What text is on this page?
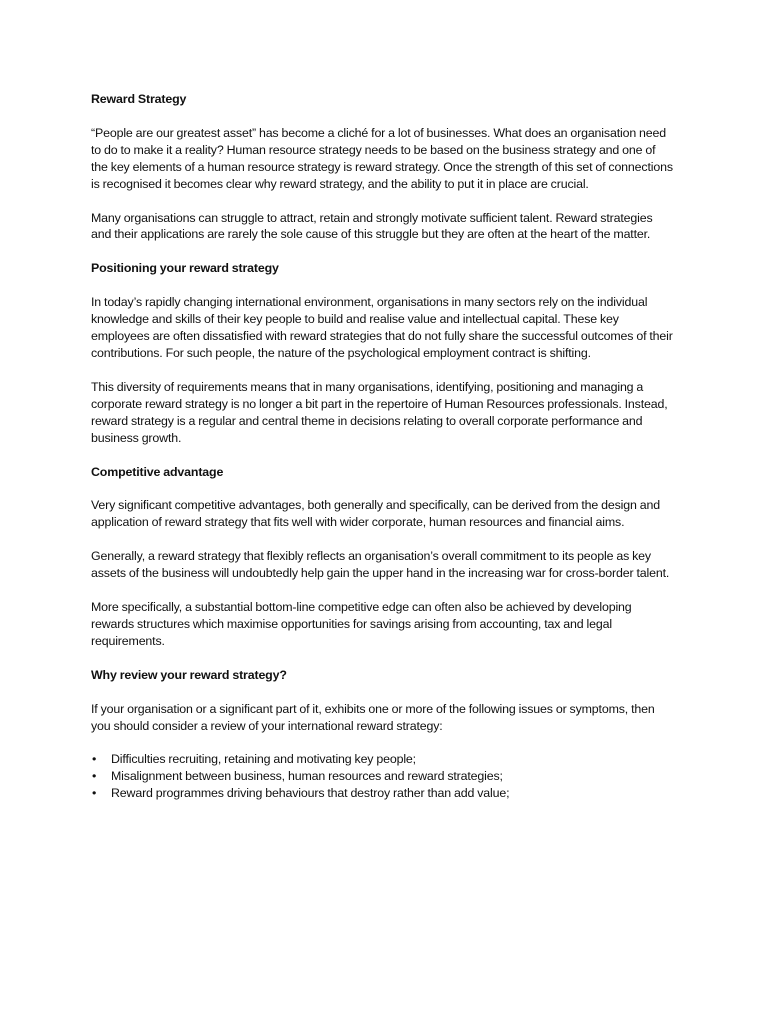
Reward Strategy

“People are our greatest asset” has become a cliché for a lot of businesses. What does an organisation need to do to make it a reality? Human resource strategy needs to be based on the business strategy and one of the key elements of a human resource strategy is reward strategy. Once the strength of this set of connections is recognised it becomes clear why reward strategy, and the ability to put it in place are crucial.

Many organisations can struggle to attract, retain and strongly motivate sufficient talent. Reward strategies and their applications are rarely the sole cause of this struggle but they are often at the heart of the matter.

Positioning your reward strategy

In today’s rapidly changing international environment, organisations in many sectors rely on the individual knowledge and skills of their key people to build and realise value and intellectual capital. These key employees are often dissatisfied with reward strategies that do not fully share the successful outcomes of their contributions. For such people, the nature of the psychological employment contract is shifting.

This diversity of requirements means that in many organisations, identifying, positioning and managing a corporate reward strategy is no longer a bit part in the repertoire of Human Resources professionals. Instead, reward strategy is a regular and central theme in decisions relating to overall corporate performance and business growth.

Competitive advantage

Very significant competitive advantages, both generally and specifically, can be derived from the design and application of reward strategy that fits well with wider corporate, human resources and financial aims.

Generally, a reward strategy that flexibly reflects an organisation’s overall commitment to its people as key assets of the business will undoubtedly help gain the upper hand in the increasing war for cross-border talent.

More specifically, a substantial bottom-line competitive edge can often also be achieved by developing rewards structures which maximise opportunities for savings arising from accounting, tax and legal requirements.

Why review your reward strategy?

If your organisation or a significant part of it, exhibits one or more of the following issues or symptoms, then you should consider a review of your international reward strategy:

• Difficulties recruiting, retaining and motivating key people;
• Misalignment between business, human resources and reward strategies;
• Reward programmes driving behaviours that destroy rather than add value;
